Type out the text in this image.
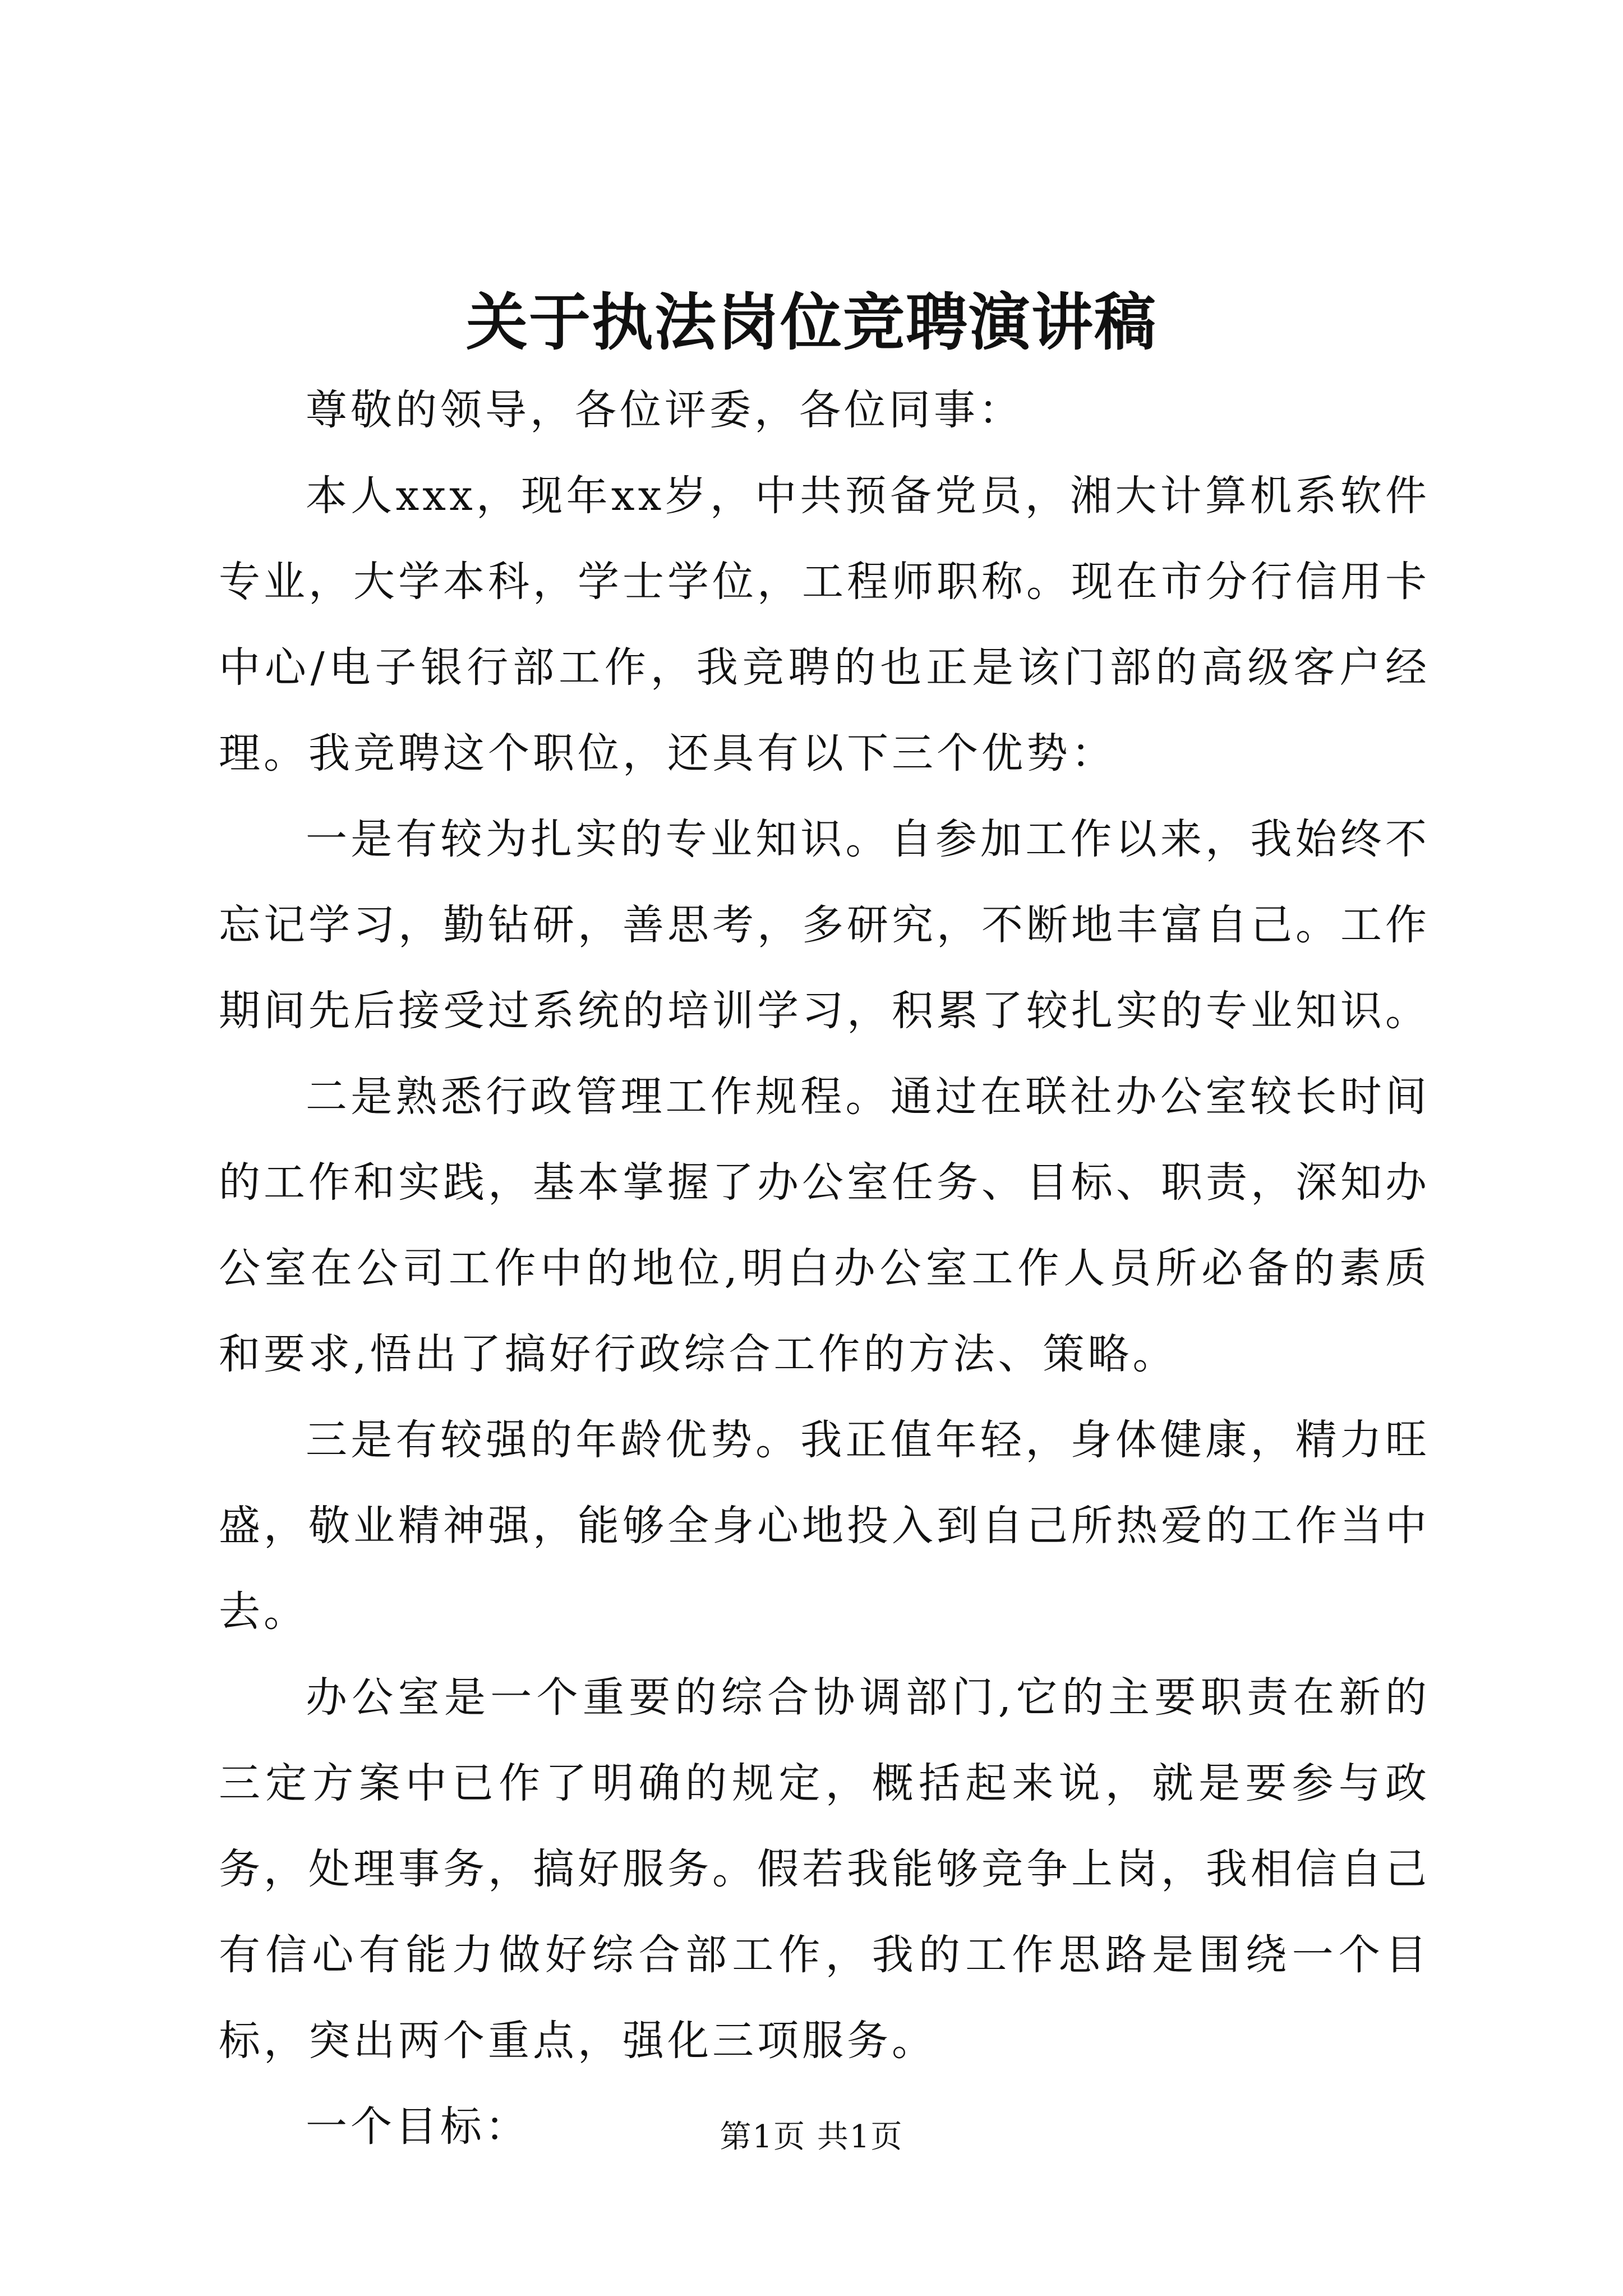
关于执法岗位竞聘演讲稿

尊敬的领导，各位评委，各位同事：

本人xxx，现年xx岁，中共预备党员，湘大计算机系软件专业，大学本科，学士学位，工程师职称。现在市分行信用卡中心/电子银行部工作，我竞聘的也正是该门部的高级客户经理。我竞聘这个职位，还具有以下三个优势：

一是有较为扎实的专业知识。自参加工作以来，我始终不忘记学习，勤钻研，善思考，多研究，不断地丰富自己。工作期间先后接受过系统的培训学习，积累了较扎实的专业知识。

二是熟悉行政管理工作规程。通过在联社办公室较长时间的工作和实践，基本掌握了办公室任务、目标、职责，深知办公室在公司工作中的地位,明白办公室工作人员所必备的素质和要求,悟出了搞好行政综合工作的方法、策略。

三是有较强的年龄优势。我正值年轻，身体健康，精力旺盛，敬业精神强，能够全身心地投入到自己所热爱的工作当中去。

办公室是一个重要的综合协调部门,它的主要职责在新的三定方案中已作了明确的规定，概括起来说，就是要参与政务，处理事务，搞好服务。假若我能够竞争上岗，我相信自己有信心有能力做好综合部工作，我的工作思路是围绕一个目标，突出两个重点，强化三项服务。

一个目标：	第1页 共1页
